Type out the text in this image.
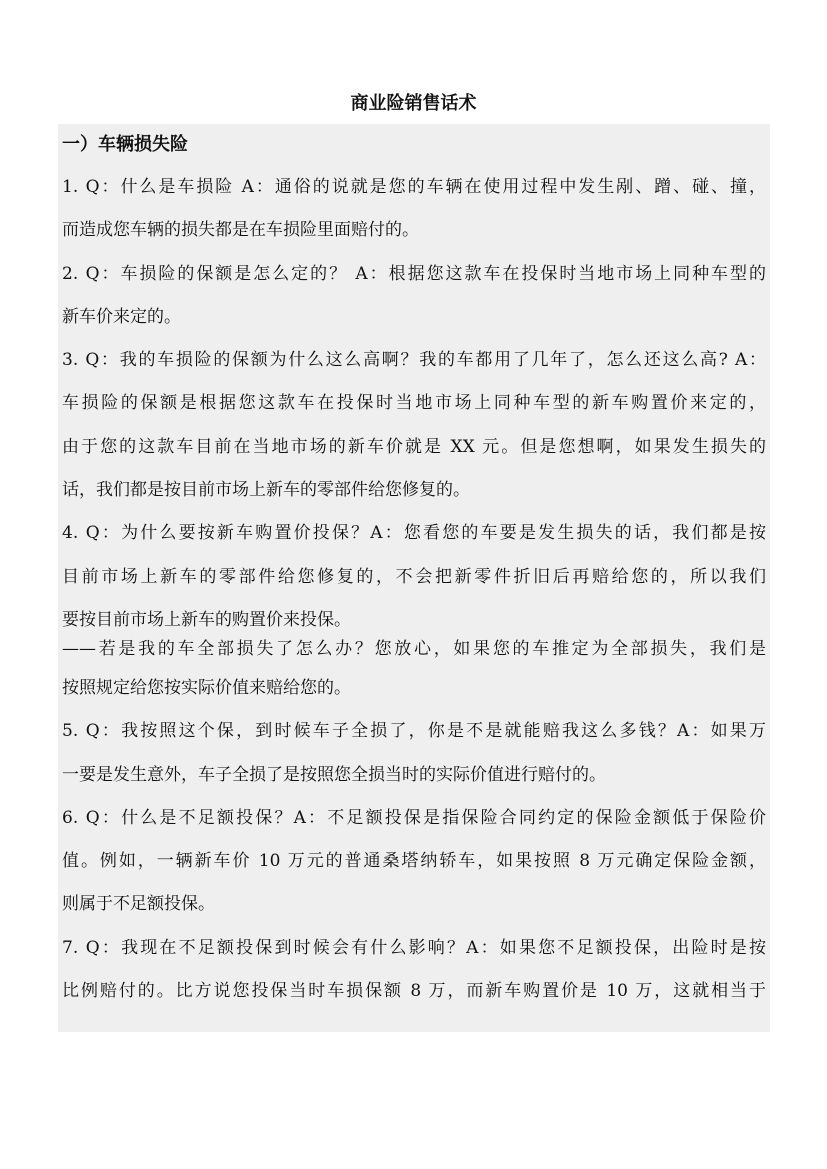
商业险销售话术
一）车辆损失险
1. Q：什么是车损险 A：通俗的说就是您的车辆在使用过程中发生剐、蹭、碰、撞，
而造成您车辆的损失都是在车损险里面赔付的。
2. Q：车损险的保额是怎么定的？ A：根据您这款车在投保时当地市场上同种车型的
新车价来定的。
3. Q：我的车损险的保额为什么这么高啊？我的车都用了几年了，怎么还这么高? A：
车损险的保额是根据您这款车在投保时当地市场上同种车型的新车购置价来定的，
由于您的这款车目前在当地市场的新车价就是 XX 元。但是您想啊，如果发生损失的
话，我们都是按目前市场上新车的零部件给您修复的。
4. Q：为什么要按新车购置价投保？A：您看您的车要是发生损失的话，我们都是按
目前市场上新车的零部件给您修复的，不会把新零件折旧后再赔给您的，所以我们
要按目前市场上新车的购置价来投保。
——若是我的车全部损失了怎么办？您放心，如果您的车推定为全部损失，我们是
按照规定给您按实际价值来赔给您的。
5. Q：我按照这个保，到时候车子全损了，你是不是就能赔我这么多钱？A：如果万
一要是发生意外，车子全损了是按照您全损当时的实际价值进行赔付的。
6. Q：什么是不足额投保？A：不足额投保是指保险合同约定的保险金额低于保险价
值。例如，一辆新车价 10 万元的普通桑塔纳轿车，如果按照 8 万元确定保险金额，
则属于不足额投保。
7. Q：我现在不足额投保到时候会有什么影响？A：如果您不足额投保，出险时是按
比例赔付的。比方说您投保当时车损保额 8 万，而新车购置价是 10 万，这就相当于
